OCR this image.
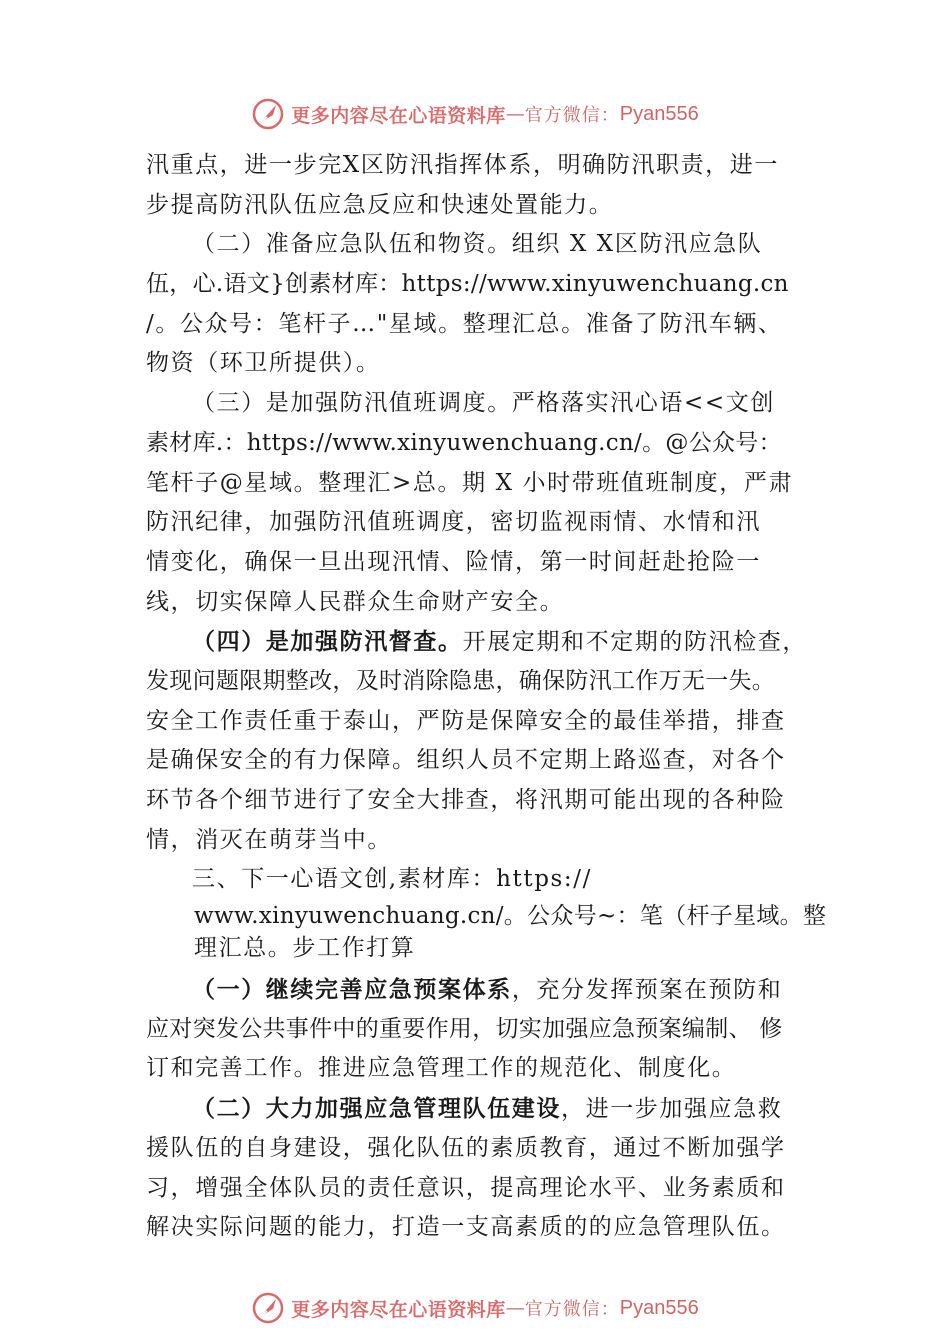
更多内容尽在心语资料库 — 官方微信： Pyan556
汛重点，进一步完X区防汛指挥体系，明确防汛职责，进一
步提高防汛队伍应急反应和快速处置能力。
（二）准备应急队伍和物资。组织 X X区防汛应急队
伍，心.语文}创素材库：https://www.xinyuwenchuang.cn
/。公众号：笔杆子…"星域。整理汇总。准备了防汛车辆、
物资（环卫所提供）。
（三）是加强防汛值班调度。严格落实汛心语<<文创
素材库.：https://www.xinyuwenchuang.cn/。@公众号：
笔杆子@星域。整理汇>总。期 X 小时带班值班制度，严肃
防汛纪律，加强防汛值班调度，密切监视雨情、水情和汛
情变化，确保一旦出现汛情、险情，第一时间赶赴抢险一
线，切实保障人民群众生命财产安全。
（四）是加强防汛督查。开展定期和不定期的防汛检查，
发现问题限期整改，及时消除隐患，确保防汛工作万无一失。
安全工作责任重于泰山，严防是保障安全的最佳举措，排查
是确保安全的有力保障。组织人员不定期上路巡查，对各个
环节各个细节进行了安全大排查，将汛期可能出现的各种险
情，消灭在萌芽当中。
三、下一心语文创,素材库：https://
www.xinyuwenchuang.cn/。公众号~：笔（杆子星域。整
理汇总。步工作打算
（一）继续完善应急预案体系，充分发挥预案在预防和
应对突发公共事件中的重要作用，切实加强应急预案编制、 修
订和完善工作。推进应急管理工作的规范化、制度化。
（二）大力加强应急管理队伍建设，进一步加强应急救
援队伍的自身建设，强化队伍的素质教育，通过不断加强学
习，增强全体队员的责任意识，提高理论水平、业务素质和
解决实际问题的能力，打造一支高素质的的应急管理队伍。
更多内容尽在心语资料库 — 官方微信： Pyan556
